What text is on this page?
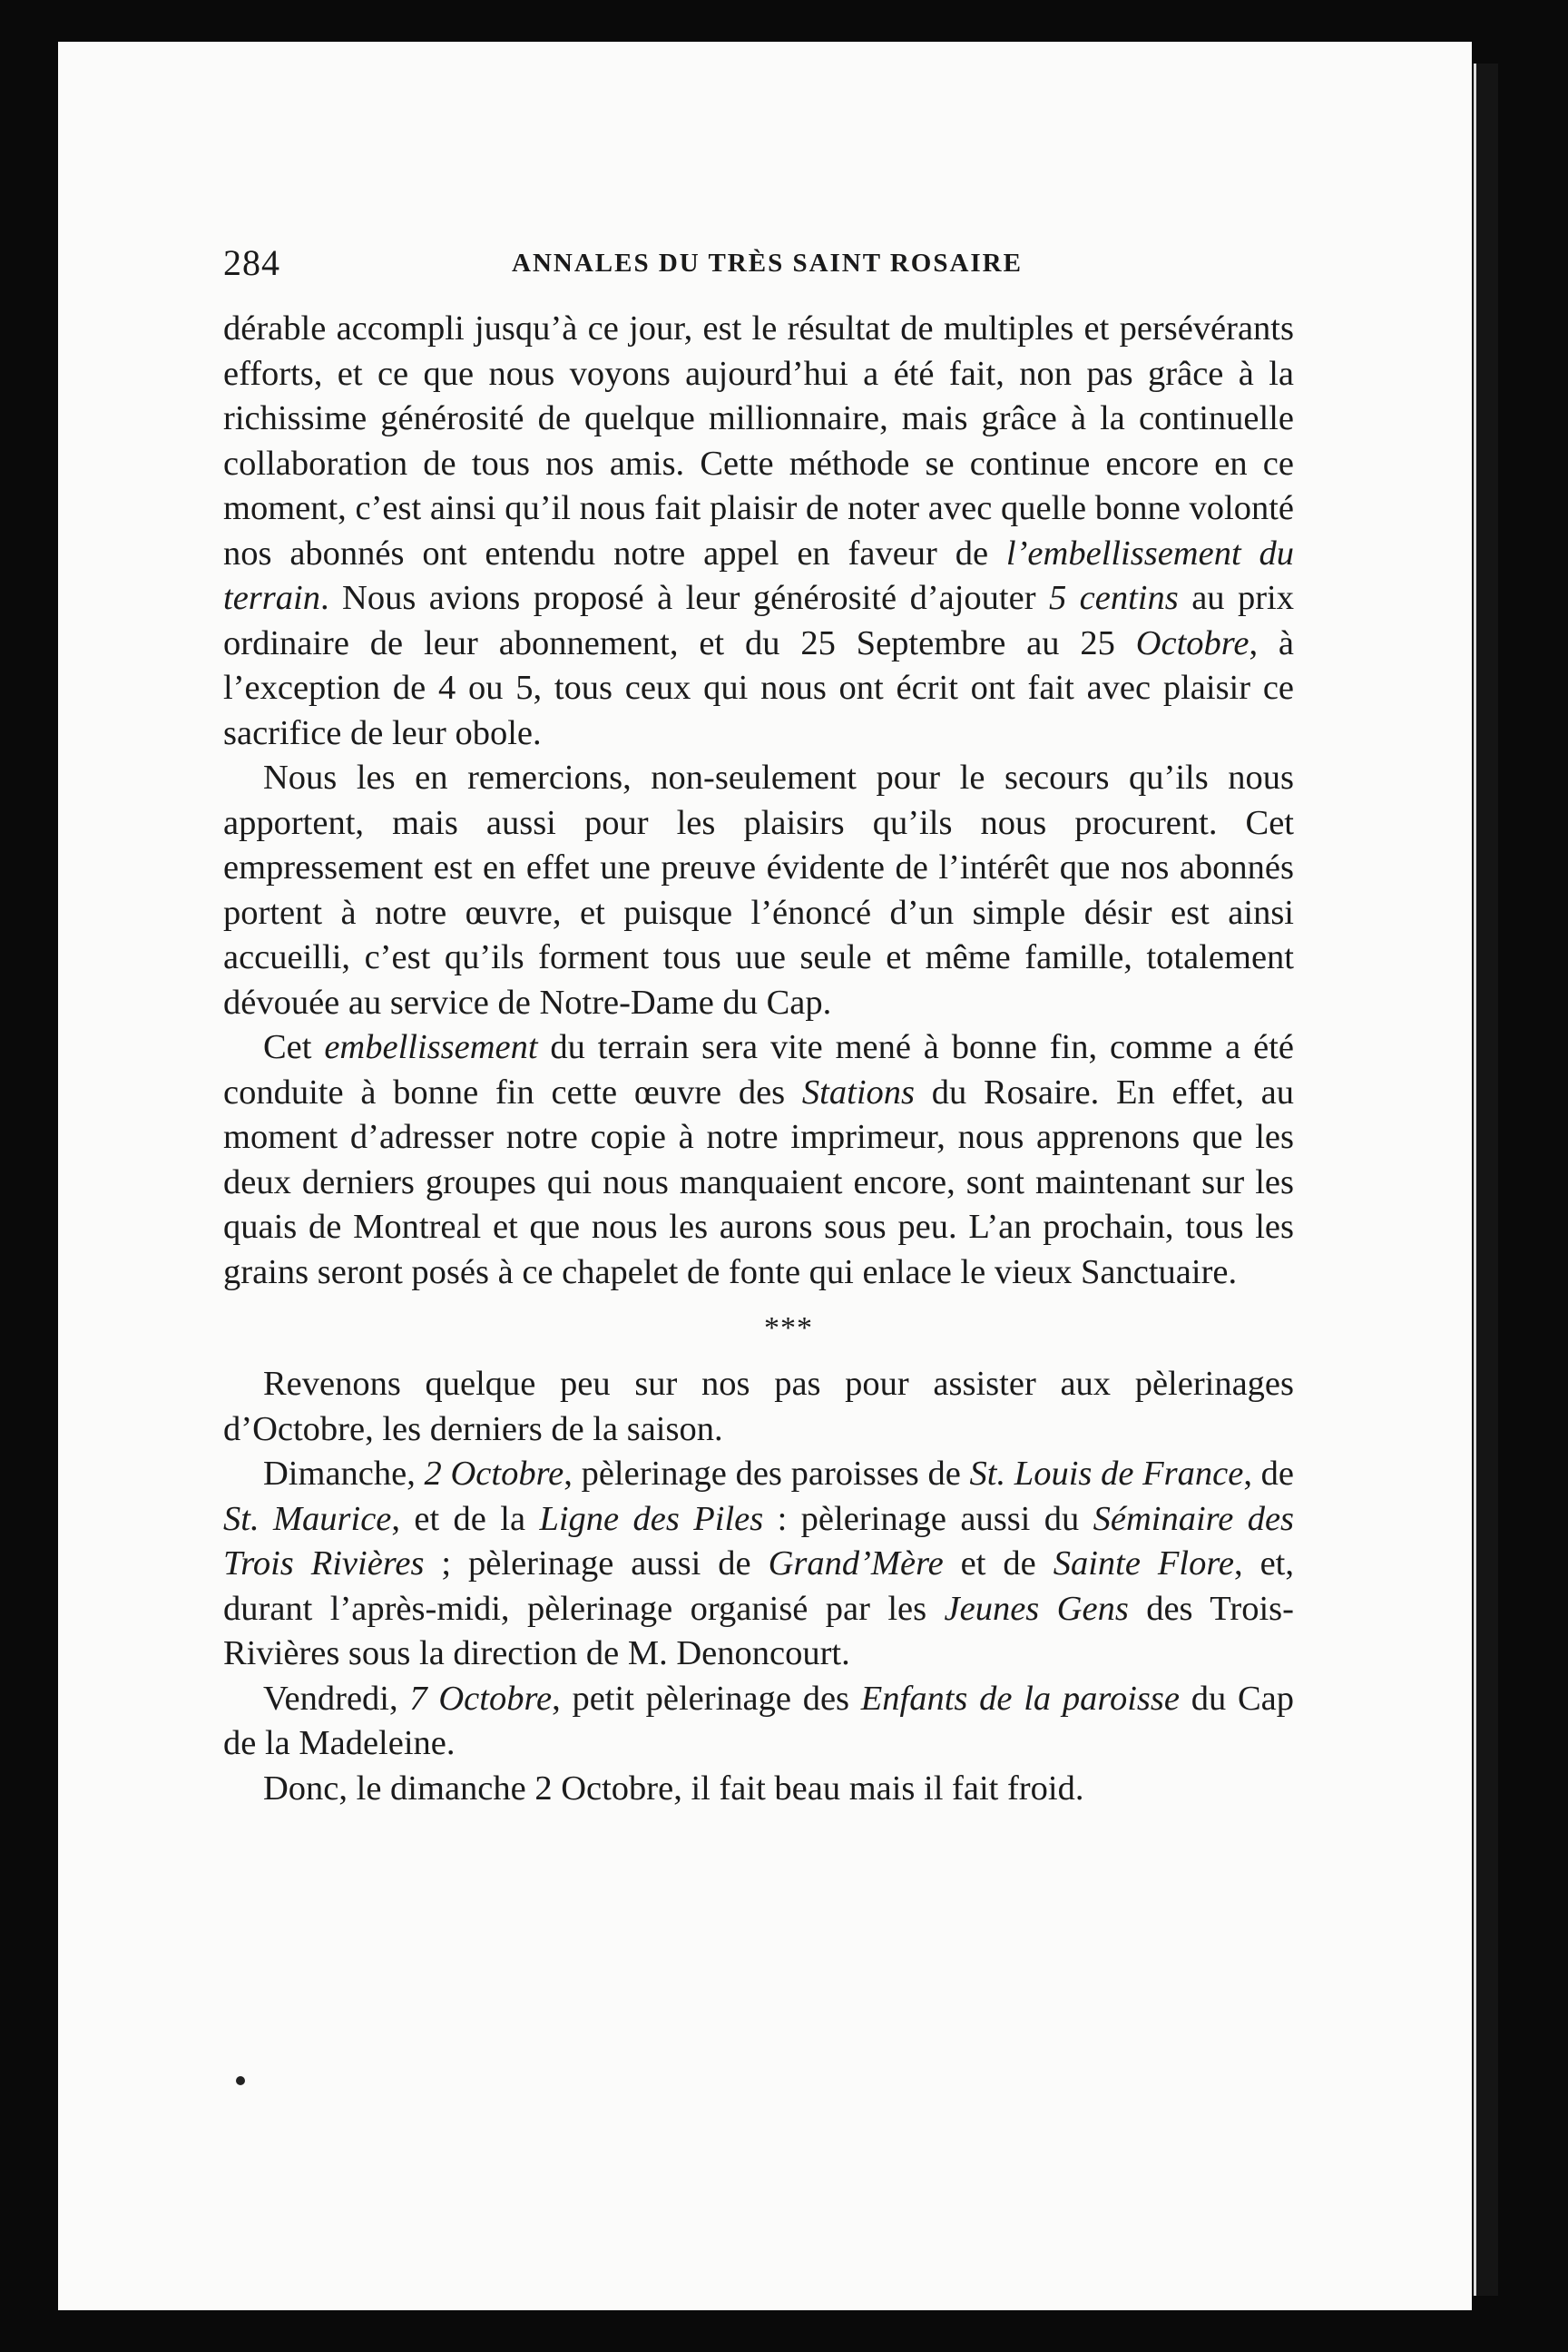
284	ANNALES DU TRÈS SAINT ROSAIRE

dérable accompli jusqu’à ce jour, est le résultat de multiples et persévérants efforts, et ce que nous voyons aujourd’hui a été fait, non pas grâce à la richissime générosité de quelque millionnaire, mais grâce à la continuelle collaboration de tous nos amis. Cette méthode se continue encore en ce moment, c’est ainsi qu’il nous fait plaisir de noter avec quelle bonne volonté nos abonnés ont entendu notre appel en faveur de l’embellissement du terrain. Nous avions proposé à leur générosité d’ajouter 5 centins au prix ordinaire de leur abonnement, et du 25 Septembre au 25 Octobre, à l’exception de 4 ou 5, tous ceux qui nous ont écrit ont fait avec plaisir ce sacrifice de leur obole.

Nous les en remercions, non-seulement pour le secours qu’ils nous apportent, mais aussi pour les plaisirs qu’ils nous procurent. Cet empressement est en effet une preuve évidente de l’intérêt que nos abonnés portent à notre œuvre, et puisque l’énoncé d’un simple désir est ainsi accueilli, c’est qu’ils forment tous uue seule et même famille, totalement dévouée au service de Notre-Dame du Cap.

Cet embellissement du terrain sera vite mené à bonne fin, comme a été conduite à bonne fin cette œuvre des Stations du Rosaire. En effet, au moment d’adresser notre copie à notre imprimeur, nous apprenons que les deux derniers groupes qui nous manquaient encore, sont maintenant sur les quais de Montreal et que nous les aurons sous peu. L’an prochain, tous les grains seront posés à ce chapelet de fonte qui enlace le vieux Sanctuaire.

***

Revenons quelque peu sur nos pas pour assister aux pèlerinages d’Octobre, les derniers de la saison.

Dimanche, 2 Octobre, pèlerinage des paroisses de St. Louis de France, de St. Maurice, et de la Ligne des Piles : pèlerinage aussi du Séminaire des Trois Rivières ; pèlerinage aussi de Grand’Mère et de Sainte Flore, et, durant l’après-midi, pèlerinage organisé par les Jeunes Gens des Trois-Rivières sous la direction de M. Denoncourt.

Vendredi, 7 Octobre, petit pèlerinage des Enfants de la paroisse du Cap de la Madeleine.

Donc, le dimanche 2 Octobre, il fait beau mais il fait froid.
